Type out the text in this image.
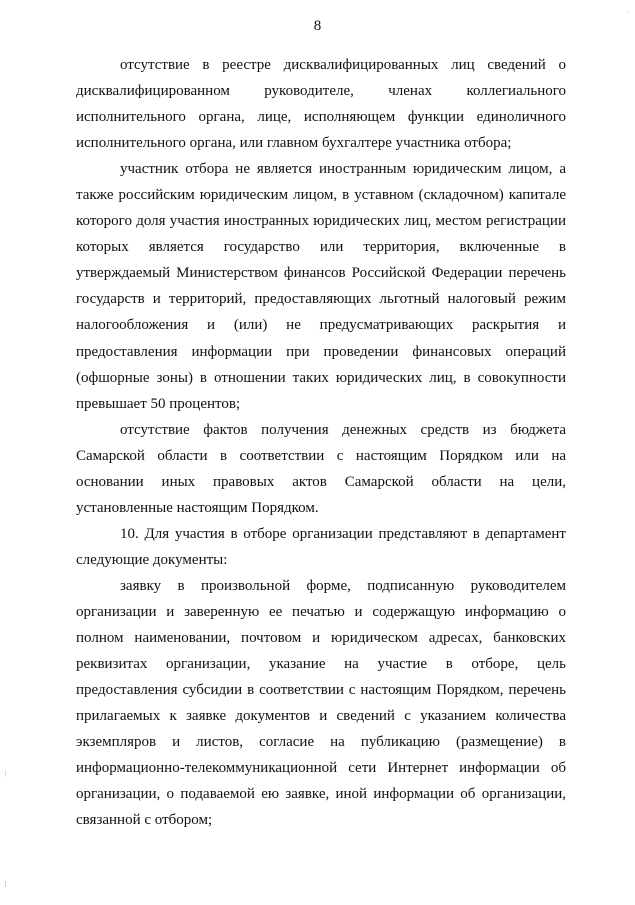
8

отсутствие в реестре дисквалифицированных лиц сведений о дисквалифицированном руководителе, членах коллегиального исполнительного органа, лице, исполняющем функции единоличного исполнительного органа, или главном бухгалтере участника отбора;

участник отбора не является иностранным юридическим лицом, а также российским юридическим лицом, в уставном (складочном) капитале которого доля участия иностранных юридических лиц, местом регистрации которых является государство или территория, включенные в утверждаемый Министерством финансов Российской Федерации перечень государств и территорий, предоставляющих льготный налоговый режим налогообложения и (или) не предусматривающих раскрытия и предоставления информации при проведении финансовых операций (офшорные зоны) в отношении таких юридических лиц, в совокупности превышает 50 процентов;

отсутствие фактов получения денежных средств из бюджета Самарской области в соответствии с настоящим Порядком или на основании иных правовых актов Самарской области на цели, установленные настоящим Порядком.

10. Для участия в отборе организации представляют в департамент следующие документы:

заявку в произвольной форме, подписанную руководителем организации и заверенную ее печатью и содержащую информацию о полном наименовании, почтовом и юридическом адресах, банковских реквизитах организации, указание на участие в отборе, цель предоставления субсидии в соответствии с настоящим Порядком, перечень прилагаемых к заявке документов и сведений с указанием количества экземпляров и листов, согласие на публикацию (размещение) в информационно-телекоммуникационной сети Интернет информации об организации, о подаваемой ею заявке, иной информации об организации, связанной с отбором;

⁝
⁞
·
